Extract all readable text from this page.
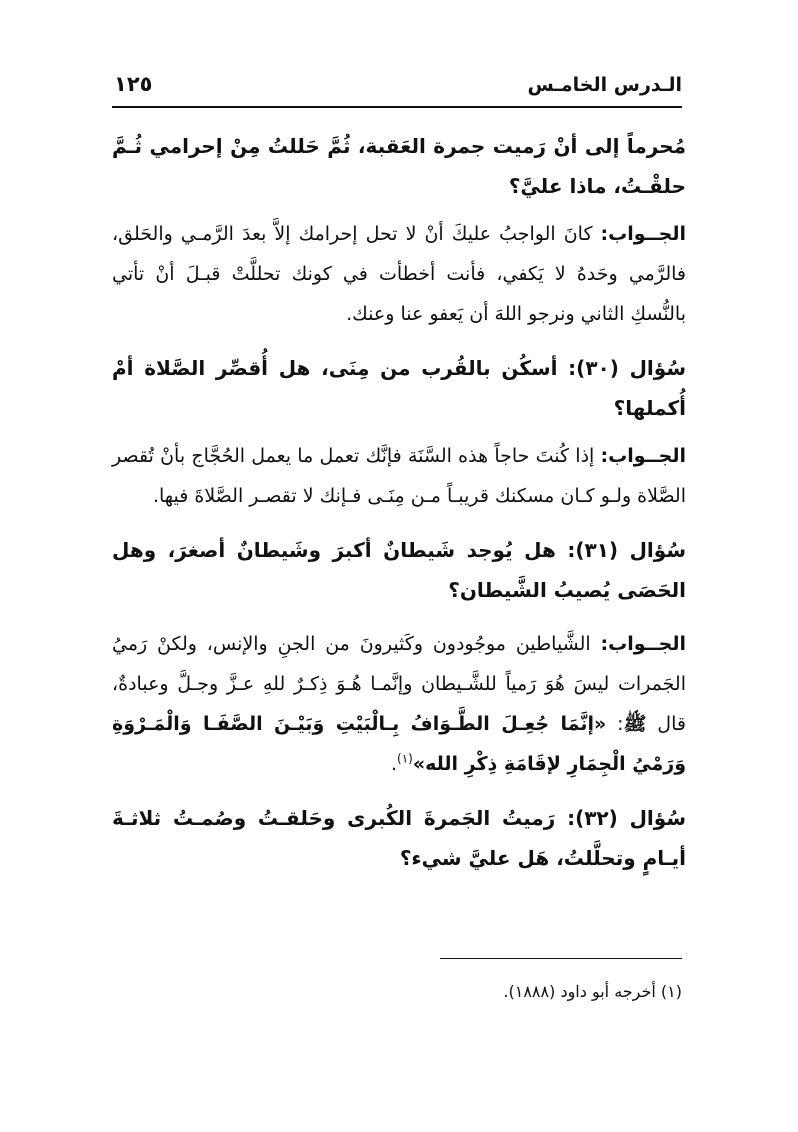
الـدرس الخامـس
١٢٥

مُحرماً إلى أنْ رَميت جمرة العَقبة، ثُمَّ حَللتُ مِنْ إحرامي ثُـمَّ حلقْـتُ، ماذا عليَّ؟

الجــواب: كانَ الواجبُ عليكَ أنْ لا تحل إحرامك إلاَّ بعدَ الرَّمـي والحَلق، فالرَّمي وحَدهُ لا يَكفي، فأنت أخطأت في كونك تحللَّتْ قبـلَ أنْ تأتي بالنُّسكِ الثاني ونرجو اللهَ أن يَعفو عنا وعنك.

سُؤال (٣٠): أسكُن بالقُرب من مِنَى، هل أُقصِّر الصَّلاة أمْ أُكملها؟

الجــواب: إذا كُنتَ حاجاً هذه السَّنَة فإنَّك تعمل ما يعمل الحُجَّاج بأنْ تُقصر الصَّلاة ولـو كـان مسكنك قريبـاً مـن مِنَـى فـإنك لا تقصـر الصَّلاةَ فيها.

سُؤال (٣١): هل يُوجد شَيطانٌ أكبرَ وشَيطانٌ أصغرَ، وهل الحَصَى يُصيبُ الشَّيطان؟

الجــواب: الشَّياطين موجُودون وكَثيرونَ من الجنِ والإنس، ولكنْ رَميُ الجَمرات ليسَ هُوَ رَمياً للشَّـيطان وإنَّمـا هُـوَ ذِكـرٌ للهِ عـزَّ وجـلَّ وعبادةٌ، قال ﷺ: «إنَّمَا جُعِـلَ الطَّـوَافُ بِـالْبَيْتِ وَبَيْـنَ الصَّفَـا وَالْمَـرْوَةِ وَرَمْيُ الْجِمَارِ لإقَامَةِ ذِكْرِ الله»$^{(١)}$.

سُؤال (٣٢): رَميتُ الجَمرةَ الكُبرى وحَلقـتُ وصُمـتُ ثلاثـةَ أيـامٍ وتحلَّلتُ، هَل عليَّ شيء؟

(١) أخرجه أبو داود (١٨٨٨).
